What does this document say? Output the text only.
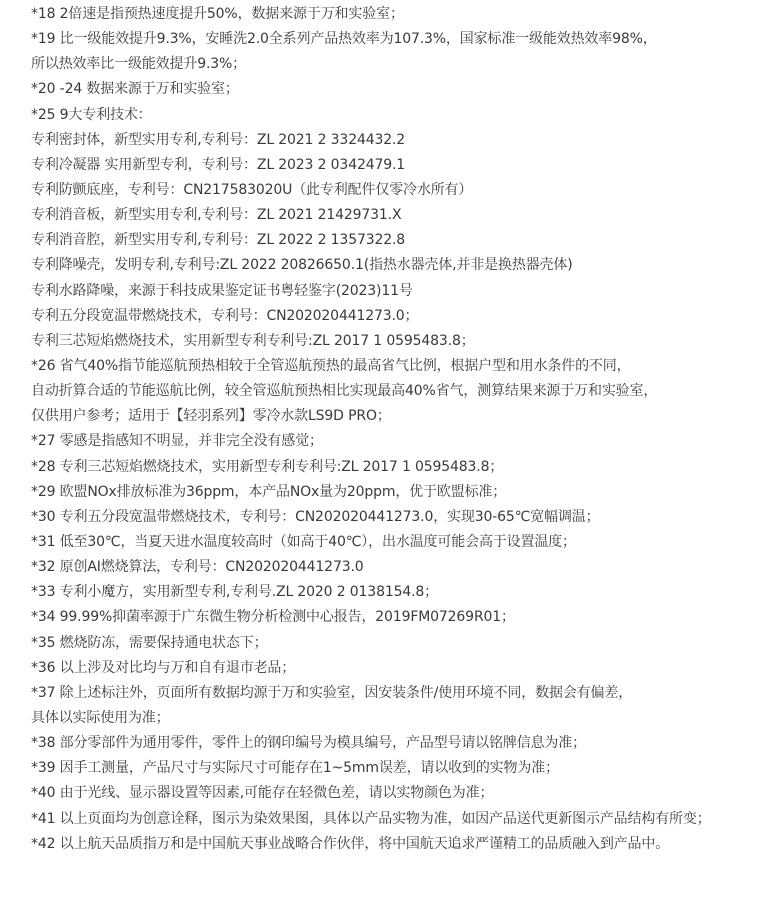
*18 2倍速是指预热速度提升50%，数据来源于万和实验室；
*19 比一级能效提升9.3%，安睡洗2.0全系列产品热效率为107.3%，国家标准一级能效热效率98%，
所以热效率比一级能效提升9.3%；
*20 -24 数据来源于万和实验室；
*25 9大专利技术：
专利密封体，新型实用专利,专利号：ZL 2021 2 3324432.2
专利冷凝器 实用新型专利，专利号：ZL 2023 2 0342479.1
专利防颤底座，专利号：CN217583020U（此专利配件仅零冷水所有）
专利消音板，新型实用专利,专利号：ZL 2021 21429731.X
专利消音腔，新型实用专利,专利号：ZL 2022 2 1357322.8
专利降噪壳，发明专利,专利号:ZL 2022 20826650.1(指热水器壳体,并非是换热器壳体)
专利水路降噪，来源于科技成果鉴定证书粤轻鉴字(2023)11号
专利五分段宽温带燃烧技术，专利号：CN202020441273.0；
专利三芯短焰燃烧技术，实用新型专利专利号:ZL 2017 1 0595483.8；
*26 省气40%指节能巡航预热相较于全管巡航预热的最高省气比例，根据户型和用水条件的不同，
自动折算合适的节能巡航比例，较全管巡航预热相比实现最高40%省气，测算结果来源于万和实验室，
仅供用户参考；适用于【轻羽系列】零冷水款LS9D PRO；
*27 零感是指感知不明显，并非完全没有感觉；
*28 专利三芯短焰燃烧技术，实用新型专利专利号:ZL 2017 1 0595483.8；
*29 欧盟NOx排放标准为36ppm，本产品NOx量为20ppm，优于欧盟标准；
*30 专利五分段宽温带燃烧技术，专利号：CN202020441273.0，实现30-65℃宽幅调温；
*31 低至30℃，当夏天进水温度较高时（如高于40℃），出水温度可能会高于设置温度；
*32 原创AI燃烧算法，专利号：CN202020441273.0
*33 专利小魔方，实用新型专利,专利号.ZL 2020 2 0138154.8；
*34 99.99%抑菌率源于广东微生物分析检测中心报告，2019FM07269R01；
*35 燃烧防冻，需要保持通电状态下；
*36 以上涉及对比均与万和自有退市老品；
*37 除上述标注外，页面所有数据均源于万和实验室，因安装条件/使用环境不同，数据会有偏差，
具体以实际使用为准；
*38 部分零部件为通用零件，零件上的钢印编号为模具编号，产品型号请以铭牌信息为准；
*39 因手工测量，产品尺寸与实际尺寸可能存在1~5mm误差，请以收到的实物为准；
*40 由于光线、显示器设置等因素,可能存在轻微色差，请以实物颜色为准；
*41 以上页面均为创意诠释，图示为染效果图，具体以产品实物为准，如因产品送代更新图示产品结构有所变；
*42 以上航天品质指万和是中国航天事业战略合作伙伴，将中国航天追求严谨精工的品质融入到产品中。
